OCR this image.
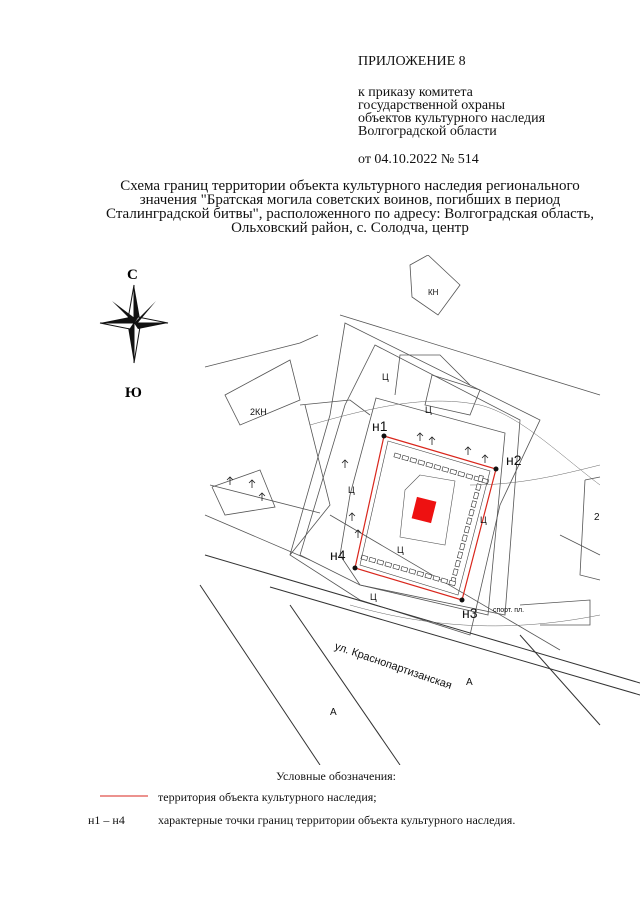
ПРИЛОЖЕНИЕ 8
к приказу комитета
государственной охраны
объектов культурного наследия
Волгоградской области
от 04.10.2022 № 514
Схема границ территории объекта культурного наследия регионального
значения "Братская могила советских воинов, погибших в период
Сталинградской битвы", расположенного по адресу: Волгоградская область,
Ольховский район, с. Солодча, центр
С
Ю
н1
н2
н3
н4
КН
2КН
спорт. пл.
ул. Краснопартизанская А
А
2
Ц
Ц
Ц
Ц
Ц
Ц
Условные обозначения:
территория объекта культурного наследия;
н1 – н4	характерные точки границ территории объекта культурного наследия.
